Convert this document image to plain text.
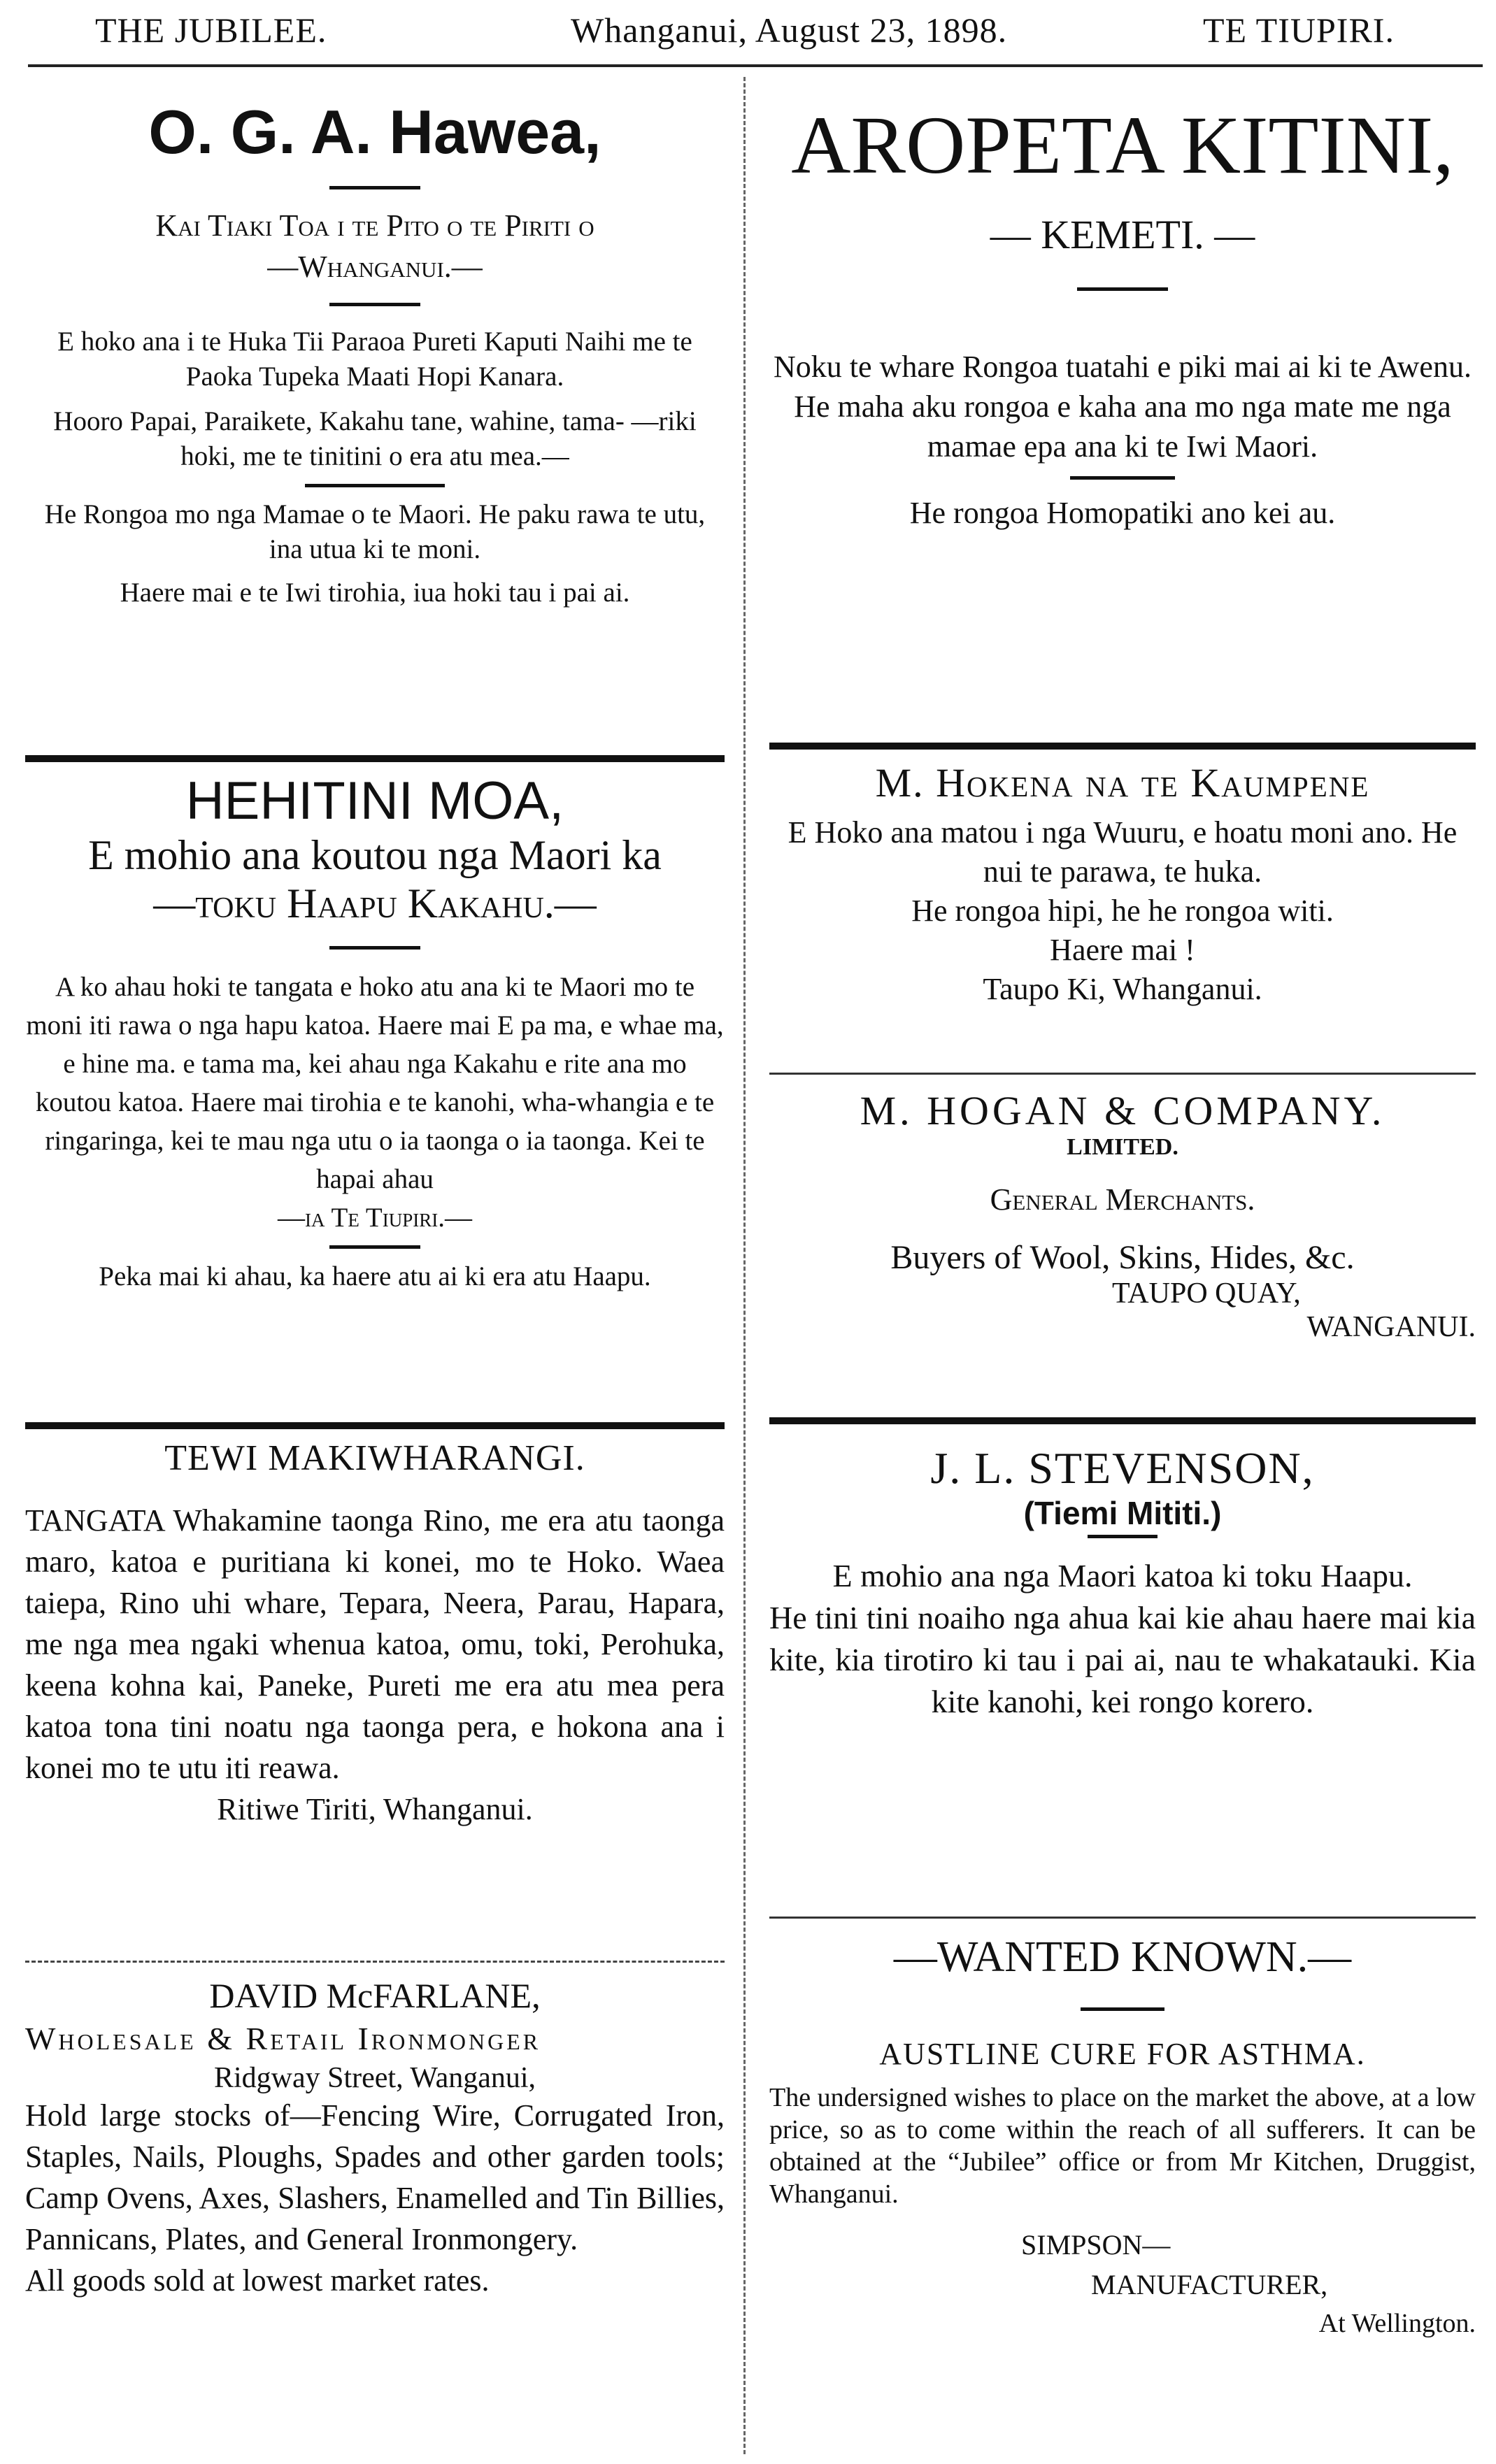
THE JUBILEE.	Whanganui, August 23, 1898.	TE TIUPIRI.
O. G. A. Hawea,
Kai Tiaki Toa i te Pito o te Piriti o
—Whanganui.—

E hoko ana i te Huka Tii Paraoa Pureti Kaputi Naihi me te Paoka Tupeka Maati Hopi Kanara.

Hooro Papai, Paraikete, Kakahu tane, wahine, tama- —riki hoki, me te tinitini o era atu mea.—

He Rongoa mo nga Mamae o te Maori. He paku rawa te utu, ina utua ki te moni.

Haere mai e te Iwi tirohia, iua hoki tau i pai ai.

HEHITINI MOA,
E mohio ana koutou nga Maori ka
—toku Haapu Kakahu.—

A ko ahau hoki te tangata e hoko atu ana ki te Maori mo te moni iti rawa o nga hapu katoa. Haere mai E pa ma, e whae ma, e hine ma. e tama ma, kei ahau nga Kakahu e rite ana mo koutou katoa. Haere mai tirohia e te kanohi, wha-whangia e te ringaringa, kei te mau nga utu o ia taonga o ia taonga. Kei te hapai ahau

—ia Te Tiupiri.—

Peka mai ki ahau, ka haere atu ai ki era atu Haapu.

TEWI MAKIWHARANGI.

TANGATA Whakamine taonga Rino, me era atu taonga maro, katoa e puritiana ki konei, mo te Hoko. Waea taiepa, Rino uhi whare, Tepara, Neera, Parau, Hapara, me nga mea ngaki whenua katoa, omu, toki, Perohuka, keena kohna kai, Paneke, Pureti me era atu mea pera katoa tona tini noatu nga taonga pera, e hokona ana i konei mo te utu iti reawa.

Ritiwe Tiriti, Whanganui.

DAVID McFARLANE,
Wholesale & Retail Ironmonger
Ridgway Street, Wanganui,

Hold large stocks of—Fencing Wire, Corrugated Iron, Staples, Nails, Ploughs, Spades and other garden tools; Camp Ovens, Axes, Slashers, Enamelled and Tin Billies, Pannicans, Plates, and General Ironmongery.

All goods sold at lowest market rates.

AROPETA KITINI,
— KEMETI. —

Noku te whare Rongoa tuatahi e piki mai ai ki te Awenu. He maha aku rongoa e kaha ana mo nga mate me nga mamae epa ana ki te Iwi Maori.

He rongoa Homopatiki ano kei au.

M. Hokena na te Kaumpene

E Hoko ana matou i nga Wuuru, e hoatu moni ano. He nui te parawa, te huka.

He rongoa hipi, he he rongoa witi.

Haere mai !

Taupo Ki, Whanganui.

M. HOGAN & COMPANY.
LIMITED.
General Merchants.
Buyers of Wool, Skins, Hides, &c.
TAUPO QUAY,
WANGANUI.
J. L. STEVENSON,
(Tiemi Mititi.)

E mohio ana nga Maori katoa ki toku Haapu.

He tini tini noaiho nga ahua kai kie ahau haere mai kia kite, kia tirotiro ki tau i pai ai, nau te whakatauki. Kia kite kanohi, kei rongo korero.

—WANTED KNOWN.—
AUSTLINE CURE FOR ASTHMA.

The undersigned wishes to place on the market the above, at a low price, so as to come within the reach of all sufferers. It can be obtained at the “Jubilee” office or from Mr Kitchen, Druggist, Whanganui.

SIMPSON—
MANUFACTURER,
At Wellington.
